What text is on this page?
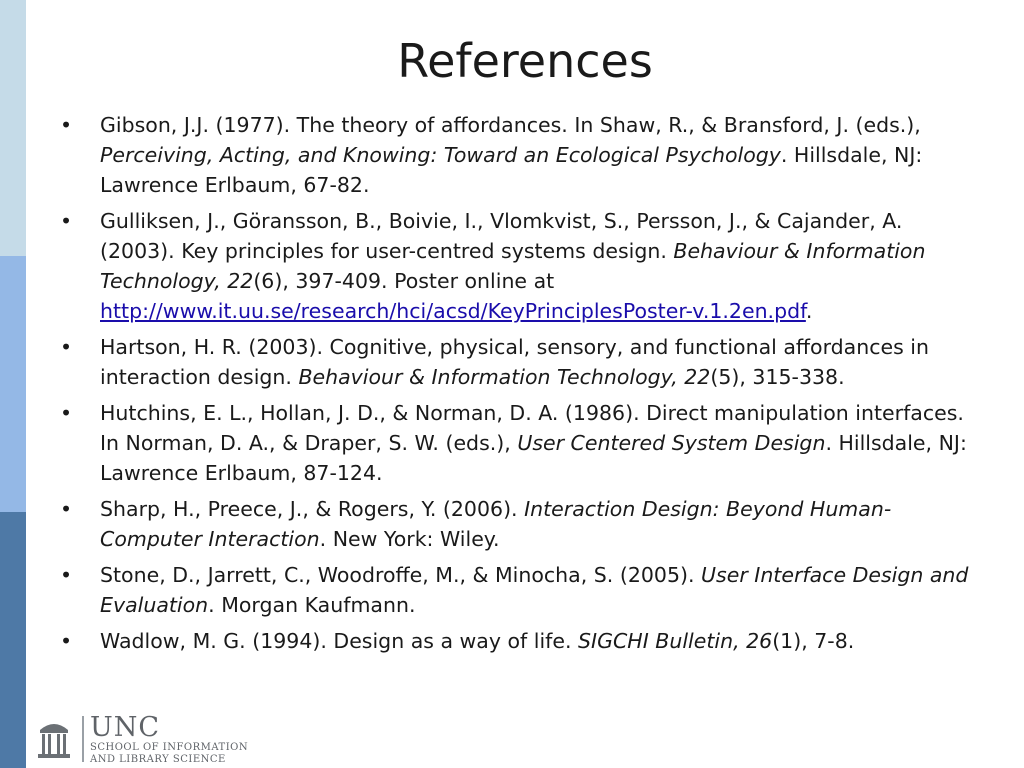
References
• Gibson, J.J. (1977). The theory of affordances. In Shaw, R., & Bransford, J. (eds.), Perceiving, Acting, and Knowing: Toward an Ecological Psychology. Hillsdale, NJ: Lawrence Erlbaum, 67-82.
• Gulliksen, J., Göransson, B., Boivie, I., Vlomkvist, S., Persson, J., & Cajander, A. (2003). Key principles for user-centred systems design. Behaviour & Information Technology, 22(6), 397-409. Poster online at http://www.it.uu.se/research/hci/acsd/KeyPrinciplesPoster-v.1.2en.pdf.
• Hartson, H. R. (2003). Cognitive, physical, sensory, and functional affordances in interaction design. Behaviour & Information Technology, 22(5), 315-338.
• Hutchins, E. L., Hollan, J. D., & Norman, D. A. (1986). Direct manipulation interfaces. In Norman, D. A., & Draper, S. W. (eds.), User Centered System Design. Hillsdale, NJ: Lawrence Erlbaum, 87-124.
• Sharp, H., Preece, J., & Rogers, Y. (2006). Interaction Design: Beyond Human-Computer Interaction. New York: Wiley.
• Stone, D., Jarrett, C., Woodroffe, M., & Minocha, S. (2005). User Interface Design and Evaluation. Morgan Kaufmann.
• Wadlow, M. G. (1994). Design as a way of life. SIGCHI Bulletin, 26(1), 7-8.
UNC
SCHOOL OF INFORMATION
AND LIBRARY SCIENCE
